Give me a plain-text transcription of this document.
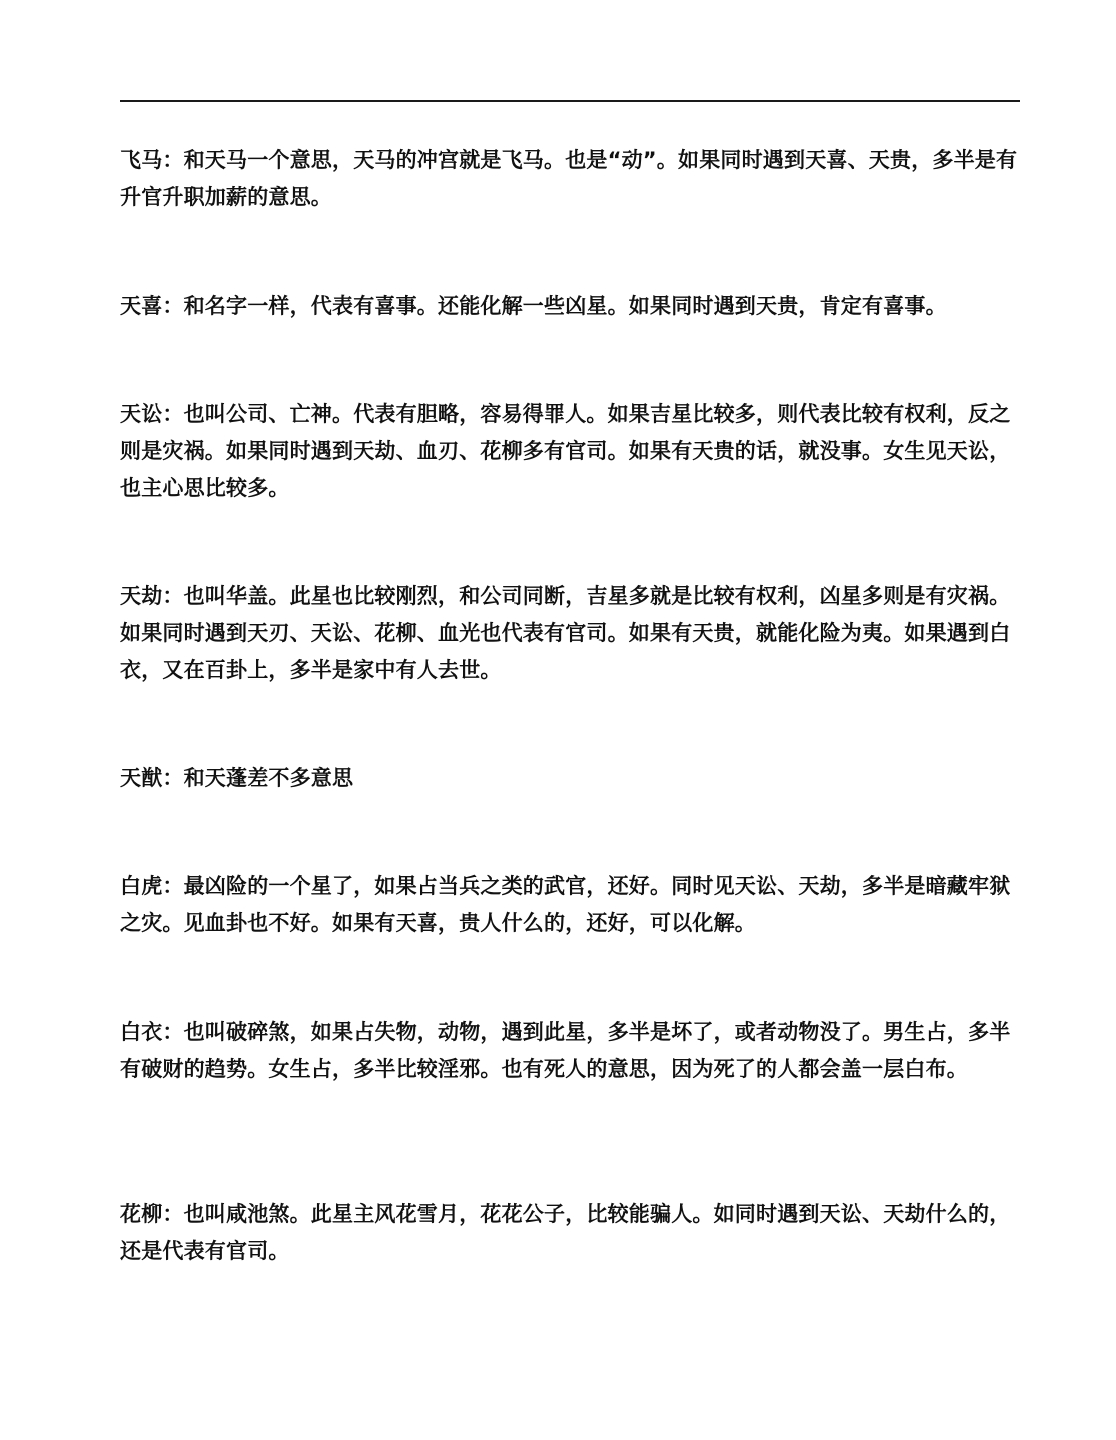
飞马：和天马一个意思，天马的冲宫就是飞马。也是“动”。如果同时遇到天喜、天贵，多半是有升官升职加薪的意思。

天喜：和名字一样，代表有喜事。还能化解一些凶星。如果同时遇到天贵，肯定有喜事。

天讼：也叫公司、亡神。代表有胆略，容易得罪人。如果吉星比较多，则代表比较有权利，反之则是灾祸。如果同时遇到天劫、血刃、花柳多有官司。如果有天贵的话，就没事。女生见天讼，也主心思比较多。

天劫：也叫华盖。此星也比较刚烈，和公司同断，吉星多就是比较有权利，凶星多则是有灾祸。如果同时遇到天刃、天讼、花柳、血光也代表有官司。如果有天贵，就能化险为夷。如果遇到白衣，又在百卦上，多半是家中有人去世。

天猷：和天蓬差不多意思

白虎：最凶险的一个星了，如果占当兵之类的武官，还好。同时见天讼、天劫，多半是暗藏牢狱之灾。见血卦也不好。如果有天喜，贵人什么的，还好，可以化解。

白衣：也叫破碎煞，如果占失物，动物，遇到此星，多半是坏了，或者动物没了。男生占，多半有破财的趋势。女生占，多半比较淫邪。也有死人的意思，因为死了的人都会盖一层白布。

花柳：也叫咸池煞。此星主风花雪月，花花公子，比较能骗人。如同时遇到天讼、天劫什么的，还是代表有官司。
